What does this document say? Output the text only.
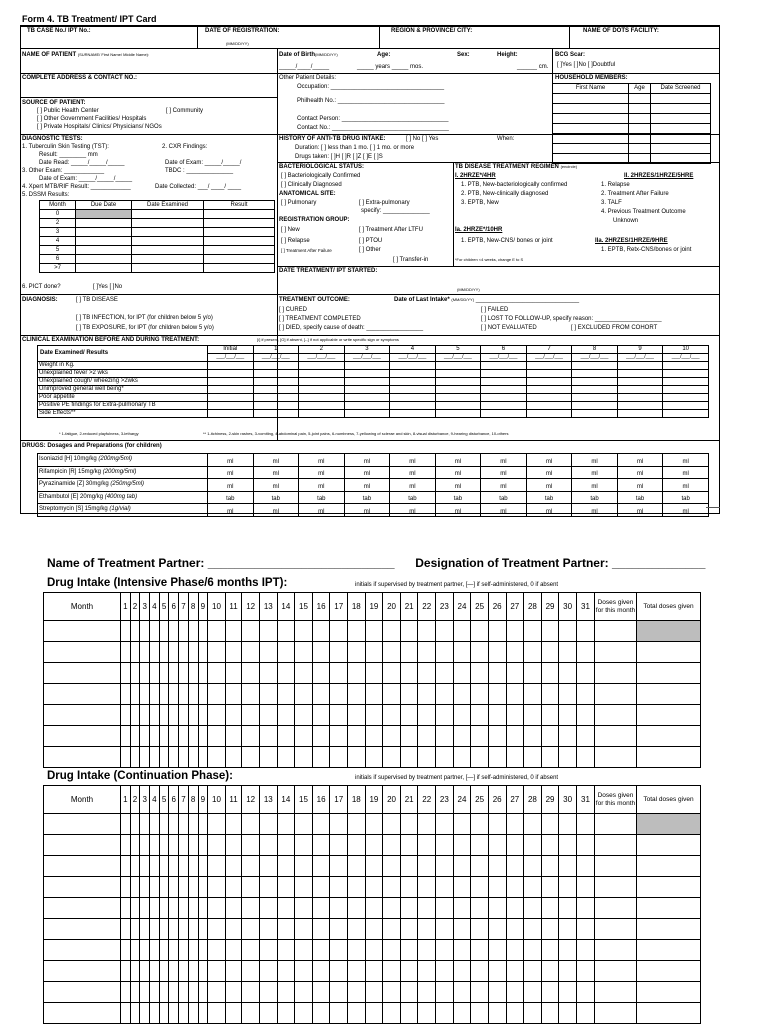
Form 4. TB Treatment/ IPT Card
TB CASE No./ IPT No.:	DATE OF REGISTRATION:
(MM/DD/YY)
REGION & PROVINCE/ CITY:	NAME OF DOTS FACILITY:
NAME OF PATIENT (SURNAME/ First Name/ Middle Name):	Date of Birth(MM/DD/YY)
_____/____/_____
Age:
_____ years _____ mos.
Sex:	Height:
______ cm.
BCG Scar:
[ ]Yes [ ]No [ ]Doubtful
COMPLETE ADDRESS & CONTACT NO.:	Other Patient Details:
Occupation: __________________________________
Philhealth No.: ________________________________
Contact Person: ________________________________
Contact No.: ___________________________________
HOUSEHOLD MEMBERS:
First Name	Age	Date Screened

SOURCE OF PATIENT:
[ ] Public Health Center
[ ] Other Government Facilities/ Hospitals
[ ] Private Hospitals/ Clinics/ Physicians/ NGOs
[ ] Community
HISTORY OF ANTI-TB DRUG INTAKE:	[ ] No [ ] Yes	When:
Duration: [ ] less than 1 mo. [ ] 1 mo. or more
Drugs taken: [ ]H [ ]R [ ]Z [ ]E [ ]S
DIAGNOSTIC TESTS:
1. Tuberculin Skin Testing (TST):
Result: ________ mm
Date Read: _____/_____/_____
2. CXR Findings:
Date of Exam: _____/_____/
3. Other Exam: ____________
Date of Exam: _____/_____/_____
TBDC : ______________
4. Xpert MTB/RIF Result: ____________	Date Collected: ___/ ____/ ____
5. DSSM Results:
Month	Due Date	Date Examined	Result
0			
2			
3			
4			
5			
6			
>7			
6. PICT done?	[ ]Yes [ ]No
BACTERIOLOGICAL STATUS:
[ ] Bacteriologically Confirmed
[ ] Clinically Diagnosed
ANATOMICAL SITE:
[ ] Pulmonary	[ ] Extra-pulmonary
specify: ______________
REGISTRATION GROUP:
[ ] New
[ ] Relapse
[ ] Treatment After Failure
[ ] Treatment After LTFU
[ ] PTOU
[ ] Other
[ ] Transfer-in
TB DISEASE TREATMENT REGIMEN (encircle)
I. 2HRZE*/4HR
1. PTB, New-bacteriologically confirmed
2. PTB, New-clinically diagnosed
3. EPTB, New
II. 2HRZES/1HRZE/5HRE
1. Relapse
2. Treatment After Failure
3. TALF
4. Previous Treatment Outcome
Unknown
Ia. 2HRZE*/10HR
1. EPTB, New-CNS/ bones or joint	IIa. 2HRZES/1HRZE/9HRE
1. EPTB, Retx-CNS/bones or joint
*For children <4 weeks, change E to S
DATE TREATMENT/ IPT STARTED:
(MM/DD/YY)
DIAGNOSIS:	[ ] TB DISEASE
[ ] TB INFECTION, for IPT (for children below 5 y/o)
[ ] TB EXPOSURE, for IPT (for children below 5 y/o)
TREATMENT OUTCOME:	Date of Last Intake* (MM/DD/YY) _______________________________
[ ] CURED
[ ] TREATMENT COMPLETED
[ ] DIED, specify cause of death: _________________
[ ] FAILED
[ ] LOST TO FOLLOW-UP, specify reason: ____________________
[ ] NOT EVALUATED	[ ] EXCLUDED FROM COHORT
CLINICAL EXAMINATION BEFORE AND DURING TREATMENT:	[/] if present, [O] if absent, [--] if not applicable or write specific sign or symptoms
Date Examined/ Results	Initial	1	2	3	4	5	6	7	8	9	10
	___/___/___	___/___/___	___/___/___	___/___/___	___/___/___	___/___/___	___/___/___	___/___/___	___/___/___	___/___/___	___/___/___
Weight in Kg.											
Unexplained fever >2 wks											
Unexplained cough/ wheezing >2wks											
Unimproved general well being*											
Poor appetite											
Positive PE findings for Extra-pulmonary TB											
Side Effects**											
* 1-fatigue, 2-reduced playfulness, 3-lethargy	** 1-itchiness, 2-skin rashes, 3-vomiting, 4-abdominal pain, 5-joint pains, 6-numbness, 7-yellowing of sclerae and skin, 8-visual disturbance, 9-hearing disturbance, 10-others
DRUGS: Dosages and Preparations (for children)
Isoniazid [H] 10mg/kg (200mg/5ml)	ml	ml	ml	ml	ml	ml	ml	ml	ml	ml	ml
Rifampicin [R] 15mg/kg (200mg/5ml)	ml	ml	ml	ml	ml	ml	ml	ml	ml	ml	ml
Pyrazinamide [Z] 30mg/kg (250mg/5ml)	ml	ml	ml	ml	ml	ml	ml	ml	ml	ml	ml
Ethambutol [E] 20mg/kg (400mg tab)	tab	tab	tab	tab	tab	tab	tab	tab	tab	tab	tab
Streptomycin [S] 15mg/kg (1g/vial)	ml	ml	ml	ml	ml	ml	ml	ml	ml	ml	ml
Name of Treatment Partner: ____________________________ Designation of Treatment Partner: ______________
Drug Intake (Intensive Phase/6 months IPT):	initials if supervised by treatment partner, [—] if self-administered, 0 if absent
Month	1	2	3	4	5	6	7	8	9	10	11	12	13	14	15	16	17	18	19	20	21	22	23	24	25	26	27	28	29	30	31	Doses given for this month	Total doses given

Drug Intake (Continuation Phase):	initials if supervised by treatment partner, [—] if self-administered, 0 if absent
Month	1	2	3	4	5	6	7	8	9	10	11	12	13	14	15	16	17	18	19	20	21	22	23	24	25	26	27	28	29	30	31	Doses given for this month	Total doses given
